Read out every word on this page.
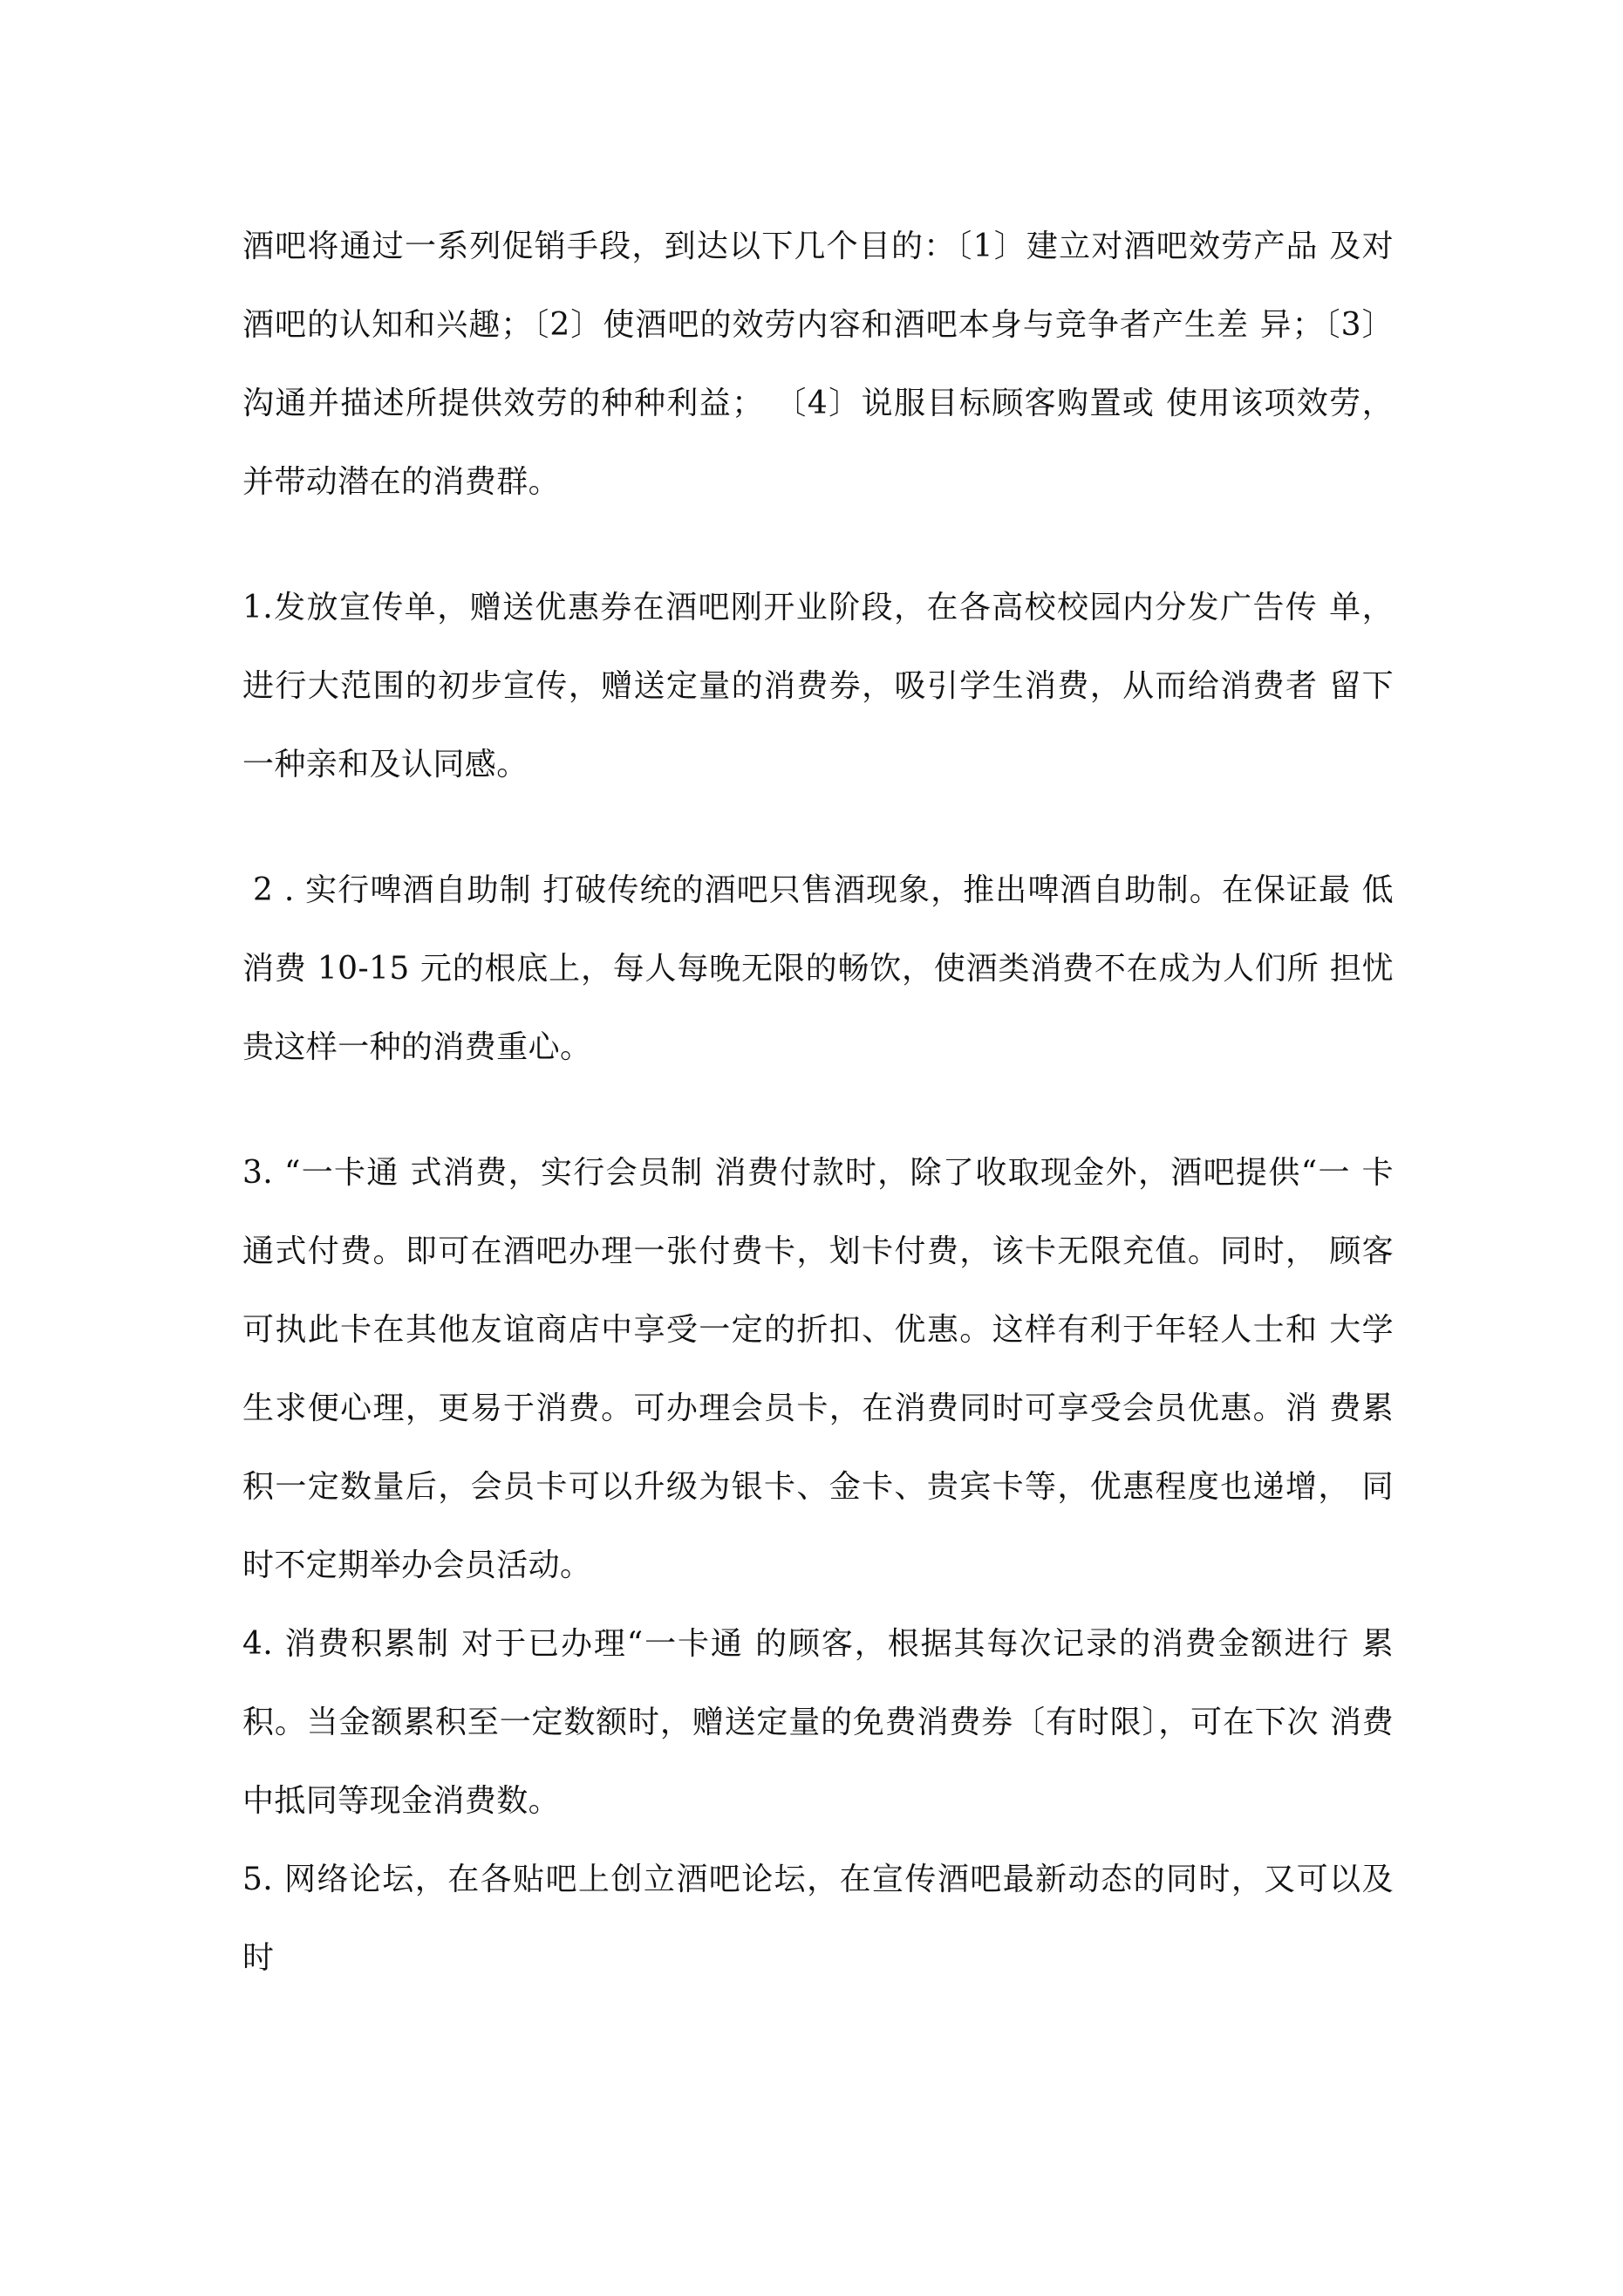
酒吧将通过一系列促销手段，到达以下几个目的：〔1〕建立对酒吧效劳产品 及对酒吧的认知和兴趣；〔2〕使酒吧的效劳内容和酒吧本身与竞争者产生差 异；〔3〕沟通并描述所提供效劳的种种利益； 〔4〕说服目标顾客购置或 使用该项效劳，并带动潜在的消费群。

1.发放宣传单，赠送优惠券在酒吧刚开业阶段，在各高校校园内分发广告传 单，进行大范围的初步宣传，赠送定量的消费券，吸引学生消费，从而给消费者 留下一种亲和及认同感。

2 . 实行啤酒自助制 打破传统的酒吧只售酒现象，推出啤酒自助制。在保证最 低消费 10-15 元的根底上，每人每晚无限的畅饮，使酒类消费不在成为人们所 担忧贵这样一种的消费重心。

3. “一卡通 式消费，实行会员制 消费付款时，除了收取现金外，酒吧提供“一 卡通式付费。即可在酒吧办理一张付费卡，划卡付费，该卡无限充值。同时， 顾客可执此卡在其他友谊商店中享受一定的折扣、优惠。这样有利于年轻人士和 大学生求便心理，更易于消费。可办理会员卡，在消费同时可享受会员优惠。消 费累积一定数量后，会员卡可以升级为银卡、金卡、贵宾卡等，优惠程度也递增， 同时不定期举办会员活动。

4. 消费积累制 对于已办理“一卡通 的顾客，根据其每次记录的消费金额进行 累积。当金额累积至一定数额时，赠送定量的免费消费券〔有时限〕，可在下次 消费中抵同等现金消费数。

5. 网络论坛，在各贴吧上创立酒吧论坛，在宣传酒吧最新动态的同时，又可以及 时
